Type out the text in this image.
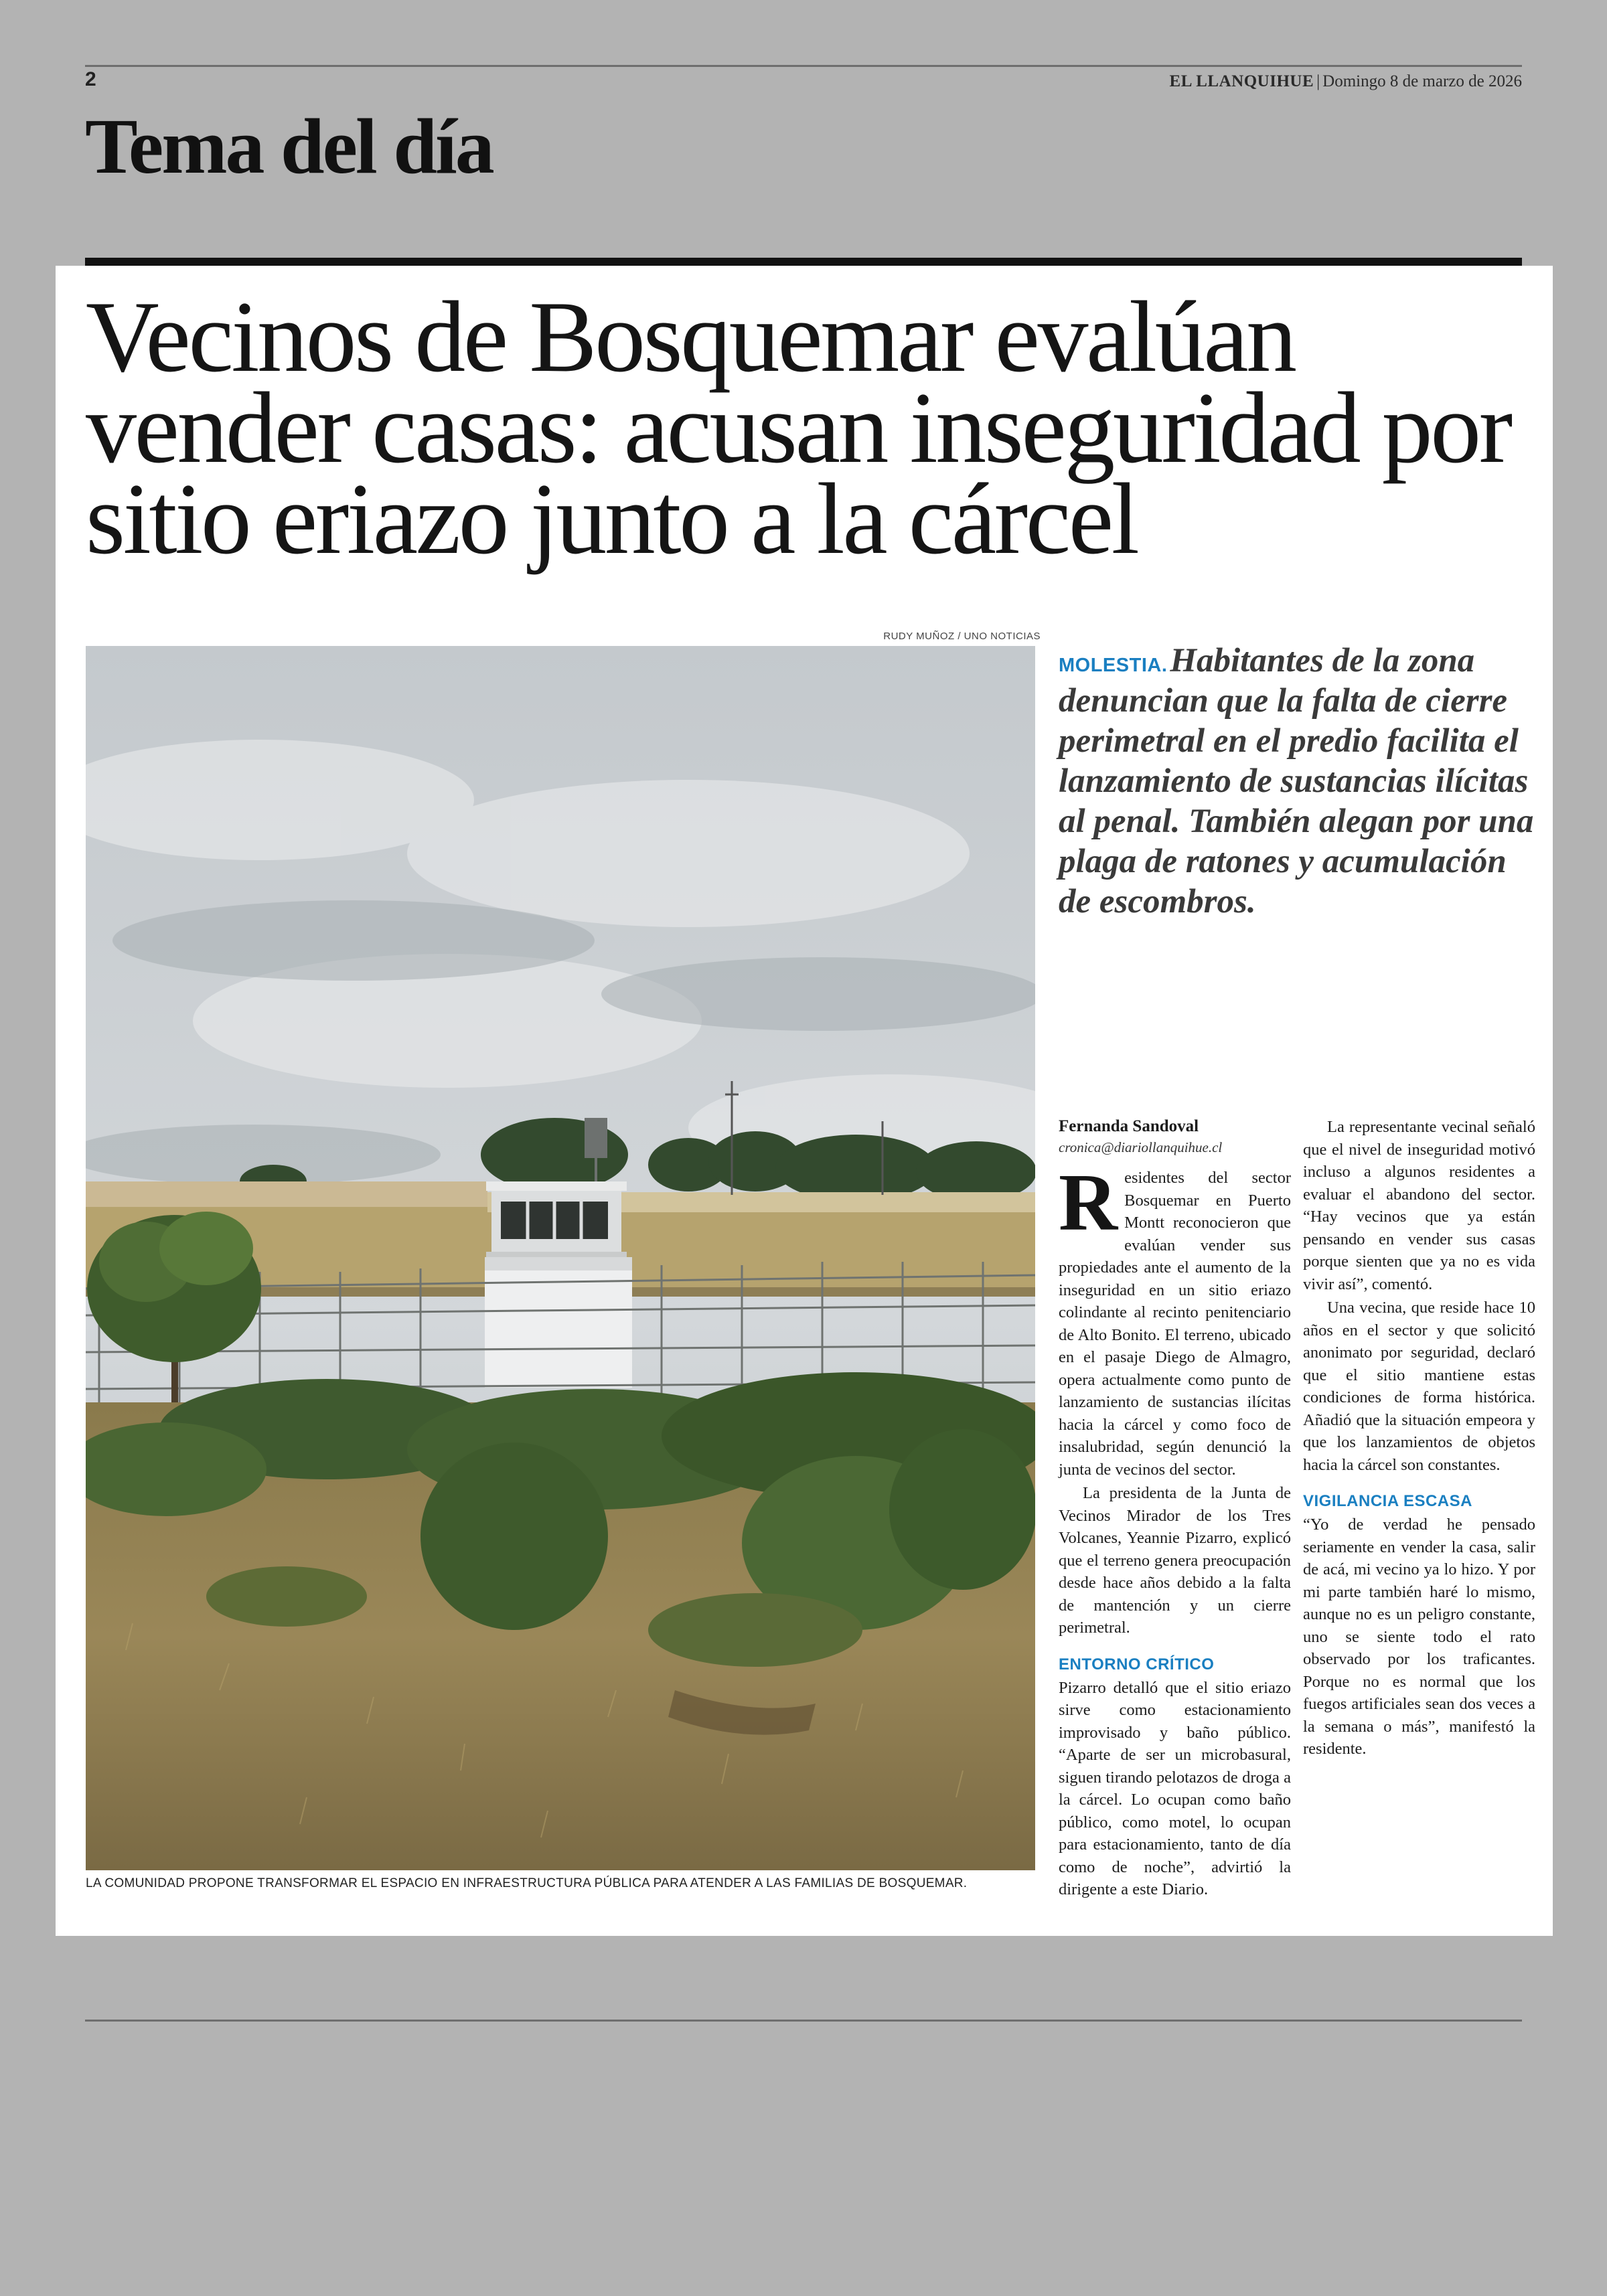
2	EL LLANQUIHUE | Domingo 8 de marzo de 2026
Tema del día
Vecinos de Bosquemar evalúan vender casas: acusan inseguridad por sitio eriazo junto a la cárcel
RUDY MUÑOZ / UNO NOTICIAS
LA COMUNIDAD PROPONE TRANSFORMAR EL ESPACIO EN INFRAESTRUCTURA PÚBLICA PARA ATENDER A LAS FAMILIAS DE BOSQUEMAR.
MOLESTIA.Habitantes de la zona denuncian que la falta de cierre perimetral en el predio facilita el lanzamiento de sustancias ilícitas al penal. También alegan por una plaga de ratones y acumulación de escombros.
Fernanda Sandoval
cronica@diariollanquihue.cl

Residentes del sector Bosquemar en Puerto Montt reconocieron que evalúan vender sus propiedades ante el aumento de la inseguridad en un sitio eriazo colindante al recinto penitenciario de Alto Bonito. El terreno, ubicado en el pasaje Diego de Almagro, opera actualmente como punto de lanzamiento de sustancias ilícitas hacia la cárcel y como foco de insalubridad, según denunció la junta de vecinos del sector.

La presidenta de la Junta de Vecinos Mirador de los Tres Volcanes, Yeannie Pizarro, explicó que el terreno genera preocupación desde hace años debido a la falta de mantención y un cierre perimetral.

ENTORNO CRÍTICO

Pizarro detalló que el sitio eriazo sirve como estacionamiento improvisado y baño público. “Aparte de ser un microbasural, siguen tirando pelotazos de droga a la cárcel. Lo ocupan como baño público, como motel, lo ocupan para estacionamiento, tanto de día como de noche”, advirtió la dirigente a este Diario.

La representante vecinal señaló que el nivel de inseguridad motivó incluso a algunos residentes a evaluar el abandono del sector. “Hay vecinos que ya están pensando en vender sus casas porque sienten que ya no es vida vivir así”, comentó.

Una vecina, que reside hace 10 años en el sector y que solicitó anonimato por seguridad, declaró que el sitio mantiene estas condiciones de forma histórica. Añadió que la situación empeora y que los lanzamientos de objetos hacia la cárcel son constantes.

VIGILANCIA ESCASA

“Yo de verdad he pensado seriamente en vender la casa, salir de acá, mi vecino ya lo hizo. Y por mi parte también haré lo mismo, aunque no es un peligro constante, uno se siente todo el rato observado por los traficantes. Porque no es normal que los fuegos artificiales sean dos veces a la semana o más”, manifestó la residente.
